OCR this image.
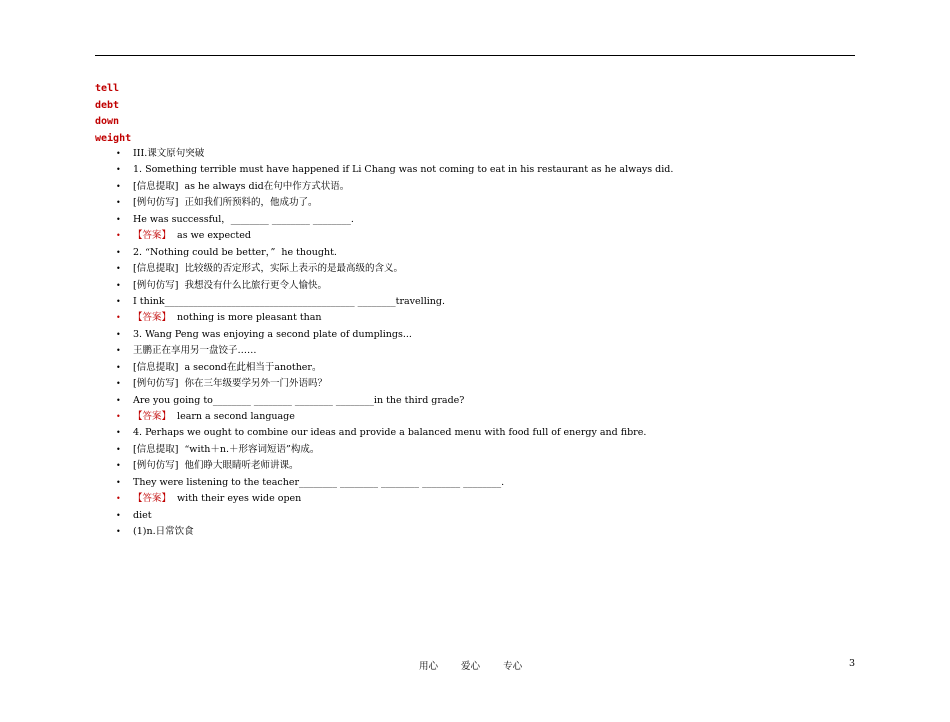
tell
debt
down
weight
• III.课文原句突破
• 1. Something terrible must have happened if Li Chang was not coming to eat in his restaurant as he always did.
• [信息提取]  as he always did在句中作方式状语。
• [例句仿写]  正如我们所预料的，他成功了。
• He was successful，________ ________ ________.
• 【答案】  as we expected
• 2. “Nothing could be better，”  he thought.
• [信息提取]  比较级的否定形式，实际上表示的是最高级的含义。
• [例句仿写]  我想没有什么比旅行更令人愉快。
• I think________________________________________ ________travelling.
• 【答案】  nothing is more pleasant than
• 3. Wang Peng was enjoying a second plate of dumplings...
• 王鹏正在享用另一盘饺子……
• [信息提取]  a second在此相当于another。
• [例句仿写]  你在三年级要学另外一门外语吗？
• Are you going to________ ________ ________ ________in the third grade?
• 【答案】  learn a second language
• 4. Perhaps we ought to combine our ideas and provide a balanced menu with food full of energy and fibre.
• [信息提取]  “with＋n.＋形容词短语”构成。
• [例句仿写]  他们睁大眼睛听老师讲课。
• They were listening to the teacher________ ________ ________ ________ ________.
• 【答案】  with their eyes wide open
• diet
• (1)n.日常饮食
用心 爱心 专心	3
